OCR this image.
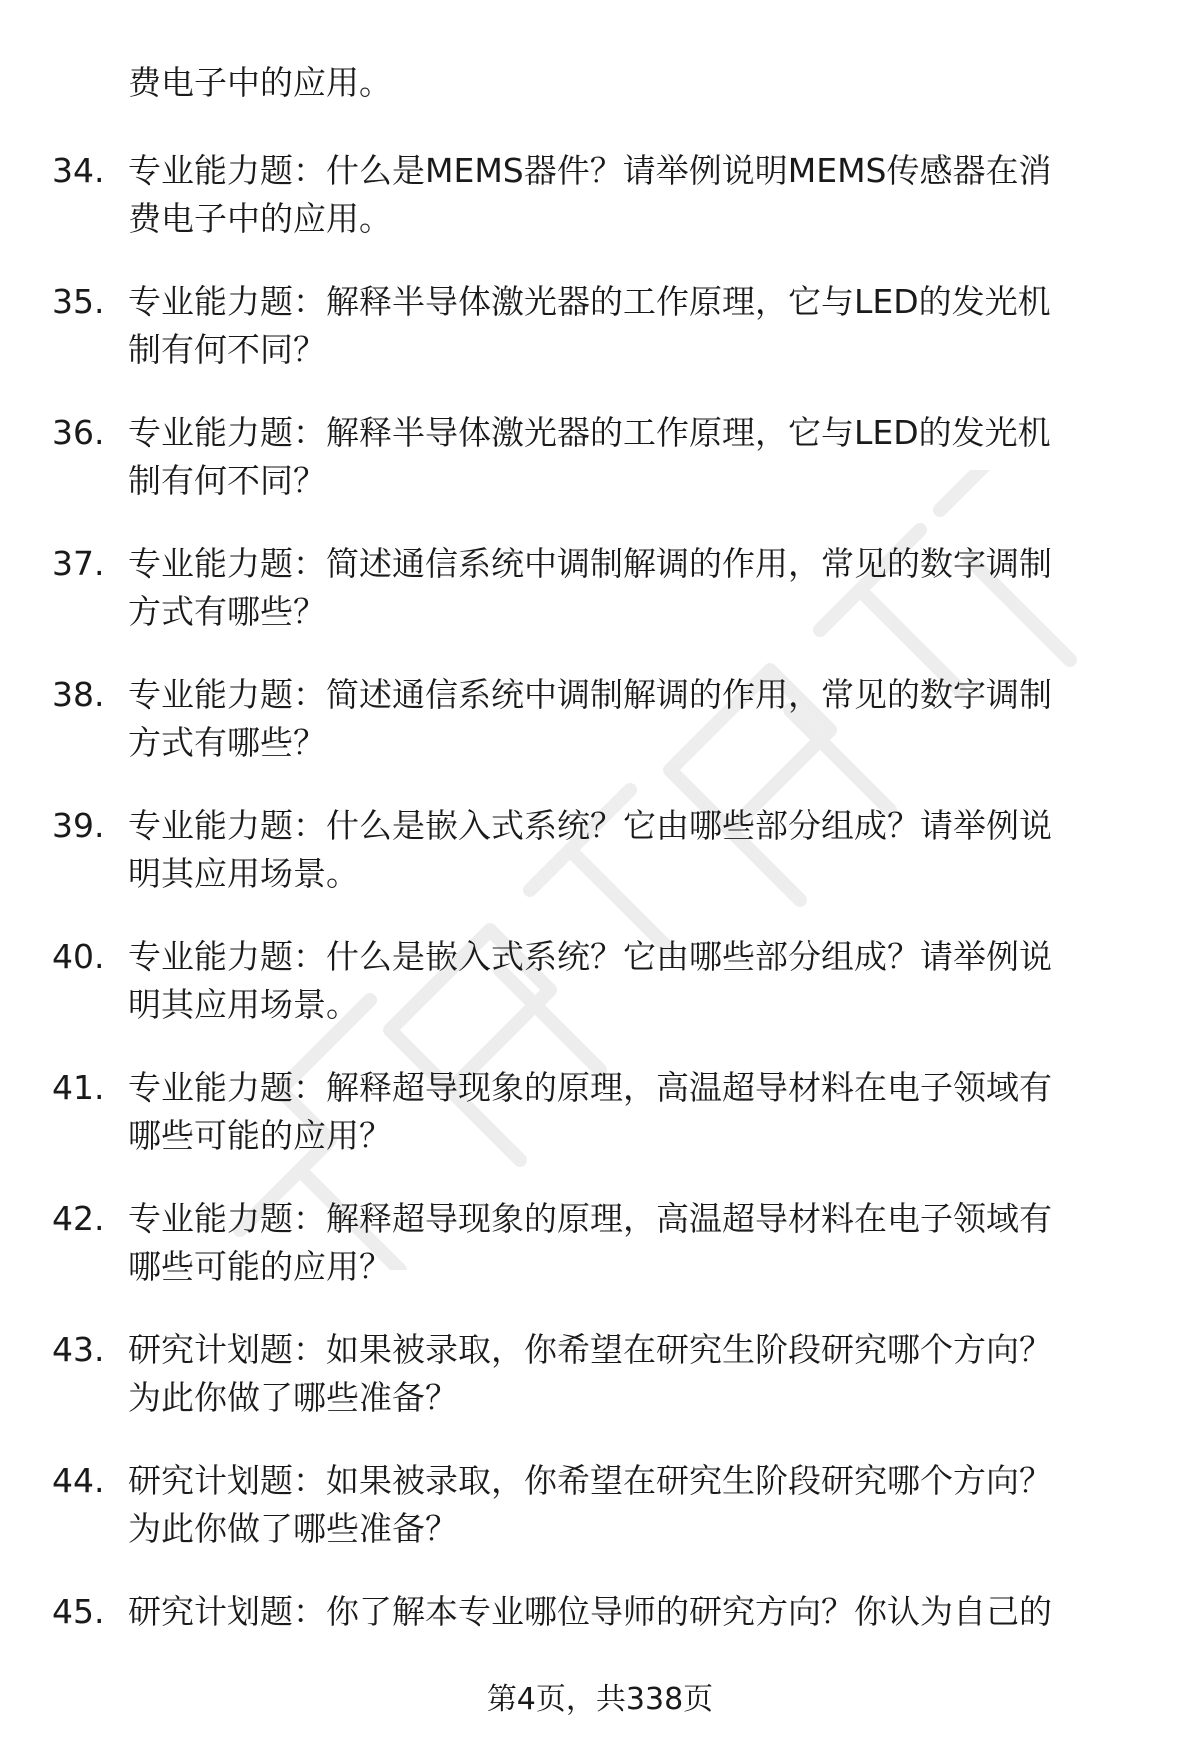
费电子中的应用。
34. 专业能力题：什么是MEMS器件？请举例说明MEMS传感器在消
费电子中的应用。
35. 专业能力题：解释半导体激光器的工作原理，它与LED的发光机
制有何不同？
36. 专业能力题：解释半导体激光器的工作原理，它与LED的发光机
制有何不同？
37. 专业能力题：简述通信系统中调制解调的作用，常见的数字调制
方式有哪些？
38. 专业能力题：简述通信系统中调制解调的作用，常见的数字调制
方式有哪些？
39. 专业能力题：什么是嵌入式系统？它由哪些部分组成？请举例说
明其应用场景。
40. 专业能力题：什么是嵌入式系统？它由哪些部分组成？请举例说
明其应用场景。
41. 专业能力题：解释超导现象的原理，高温超导材料在电子领域有
哪些可能的应用？
42. 专业能力题：解释超导现象的原理，高温超导材料在电子领域有
哪些可能的应用？
43. 研究计划题：如果被录取，你希望在研究生阶段研究哪个方向？
为此你做了哪些准备？
44. 研究计划题：如果被录取，你希望在研究生阶段研究哪个方向？
为此你做了哪些准备？
45. 研究计划题：你了解本专业哪位导师的研究方向？你认为自己的
第4页，共338页
